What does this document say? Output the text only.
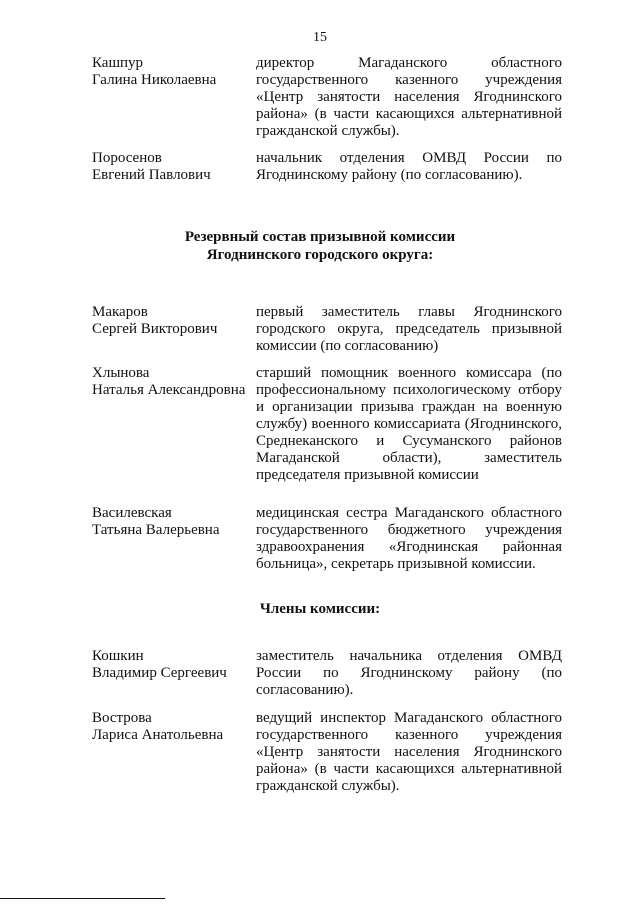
15
Кашпур
Галина Николаевна
директор Магаданского областного государственного казенного учреждения «Центр занятости населения Ягоднинского района» (в части касающихся альтернативной гражданской службы).
Поросенов
Евгений Павлович
начальник отделения ОМВД России по Ягоднинскому району (по согласованию).
Резервный состав призывной комиссии
Ягоднинского городского округа:
Макаров
Сергей Викторович
первый заместитель главы Ягоднинского городского округа, председатель призывной комиссии (по согласованию)
Хлынова
Наталья Александровна
старший помощник военного комиссара (по профессиональному психологическому отбору и организации призыва граждан на военную службу) военного комиссариата (Ягоднинского, Среднеканского и Сусуманского районов Магаданской области), заместитель председателя призывной комиссии
Василевская
Татьяна Валерьевна
медицинская сестра Магаданского областного государственного бюджетного учреждения здравоохранения «Ягоднинская районная больница», секретарь призывной комиссии.
Члены комиссии:
Кошкин
Владимир Сергеевич
заместитель начальника отделения ОМВД России по Ягоднинскому району (по согласованию).
Вострова
Лариса Анатольевна
ведущий инспектор Магаданского областного государственного казенного учреждения «Центр занятости населения Ягоднинского района» (в части касающихся альтернативной гражданской службы).
